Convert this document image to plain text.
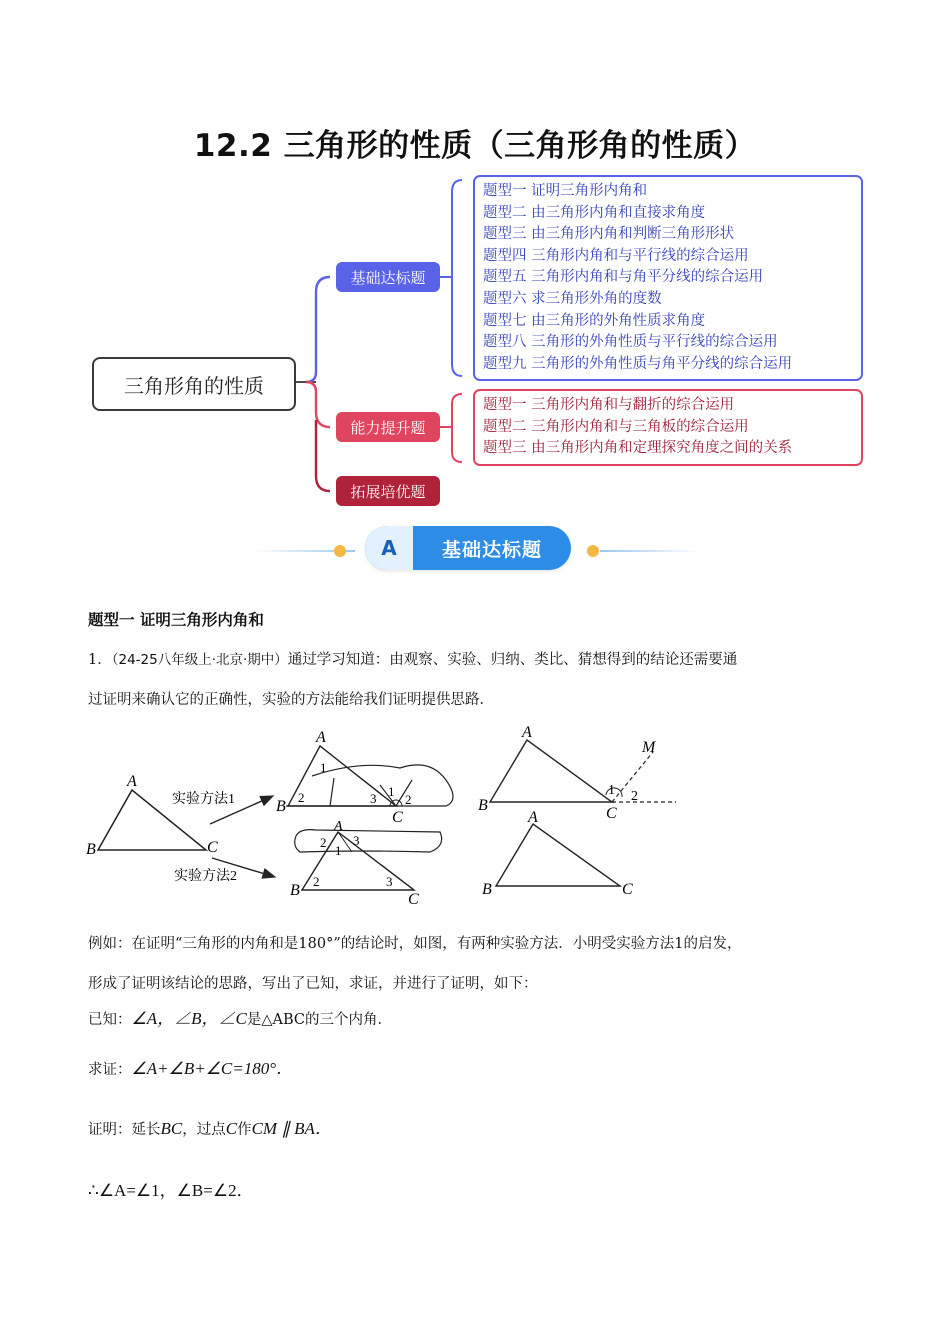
12.2 三角形的性质（三角形角的性质）
三角形角的性质
基础达标题
能力提升题
拓展培优题
题型一 证明三角形内角和
题型二 由三角形内角和直接求角度
题型三 由三角形内角和判断三角形形状
题型四 三角形内角和与平行线的综合运用
题型五 三角形内角和与角平分线的综合运用
题型六 求三角形外角的度数
题型七 由三角形的外角性质求角度
题型八 三角形的外角性质与平行线的综合运用
题型九 三角形的外角性质与角平分线的综合运用
题型一 三角形内角和与翻折的综合运用
题型二 三角形内角和与三角板的综合运用
题型三 由三角形内角和定理探究角度之间的关系
A	基础达标题
题型一 证明三角形内角和
1．（24-25八年级上·北京·期中）通过学习知道：由观察、实验、归纳、类比、猜想得到的结论还需要通
过证明来确认它的正确性，实验的方法能给我们证明提供思路．
A
B	C
实验方法1
实验方法2
A
B
C
1
2	3 1
2
A
B
C
2
1
3
2	3
A
B	C
M
1 2
A
B	C
例如：在证明“三角形的内角和是180°”的结论时，如图，有两种实验方法．小明受实验方法1的启发，
形成了证明该结论的思路，写出了已知，求证，并进行了证明，如下：
已知：∠A，∠B，∠C是△ABC的三个内角．
求证：∠A+∠B+∠C=180°．
证明：延长BC，过点C作CM ∥ BA．
∴∠A=∠1，∠B=∠2．
